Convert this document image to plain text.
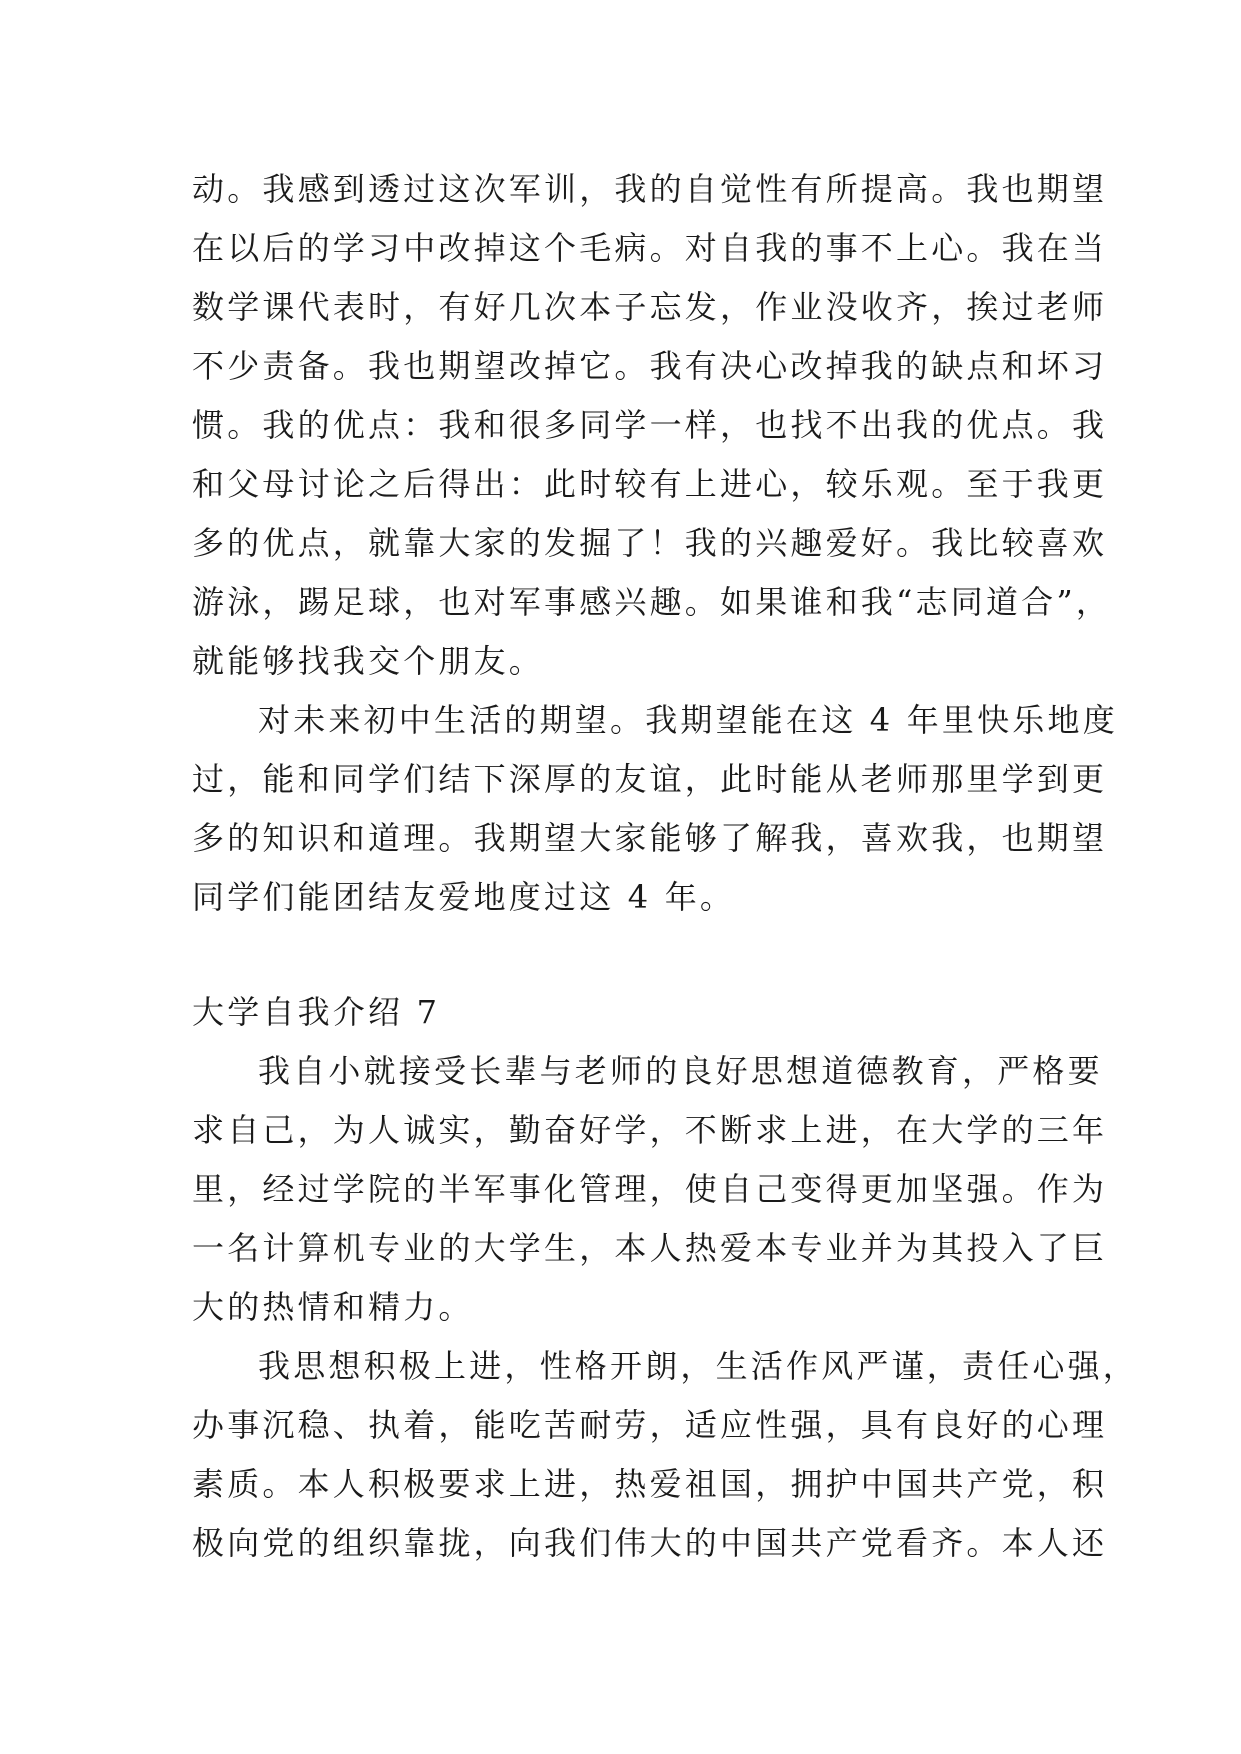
动。我感到透过这次军训，我的自觉性有所提高。我也期望
在以后的学习中改掉这个毛病。对自我的事不上心。我在当
数学课代表时，有好几次本子忘发，作业没收齐，挨过老师
不少责备。我也期望改掉它。我有决心改掉我的缺点和坏习
惯。我的优点：我和很多同学一样，也找不出我的优点。我
和父母讨论之后得出：此时较有上进心，较乐观。至于我更
多的优点，就靠大家的发掘了！我的兴趣爱好。我比较喜欢
游泳，踢足球，也对军事感兴趣。如果谁和我“志同道合”，
就能够找我交个朋友。
对未来初中生活的期望。我期望能在这 4 年里快乐地度
过，能和同学们结下深厚的友谊，此时能从老师那里学到更
多的知识和道理。我期望大家能够了解我，喜欢我，也期望
同学们能团结友爱地度过这 4 年。
大学自我介绍 7
我自小就接受长辈与老师的良好思想道德教育，严格要
求自己，为人诚实，勤奋好学，不断求上进，在大学的三年
里，经过学院的半军事化管理，使自己变得更加坚强。作为
一名计算机专业的大学生，本人热爱本专业并为其投入了巨
大的热情和精力。
我思想积极上进，性格开朗，生活作风严谨，责任心强，
办事沉稳、执着，能吃苦耐劳，适应性强，具有良好的心理
素质。本人积极要求上进，热爱祖国，拥护中国共产党，积
极向党的组织靠拢，向我们伟大的中国共产党看齐。本人还
